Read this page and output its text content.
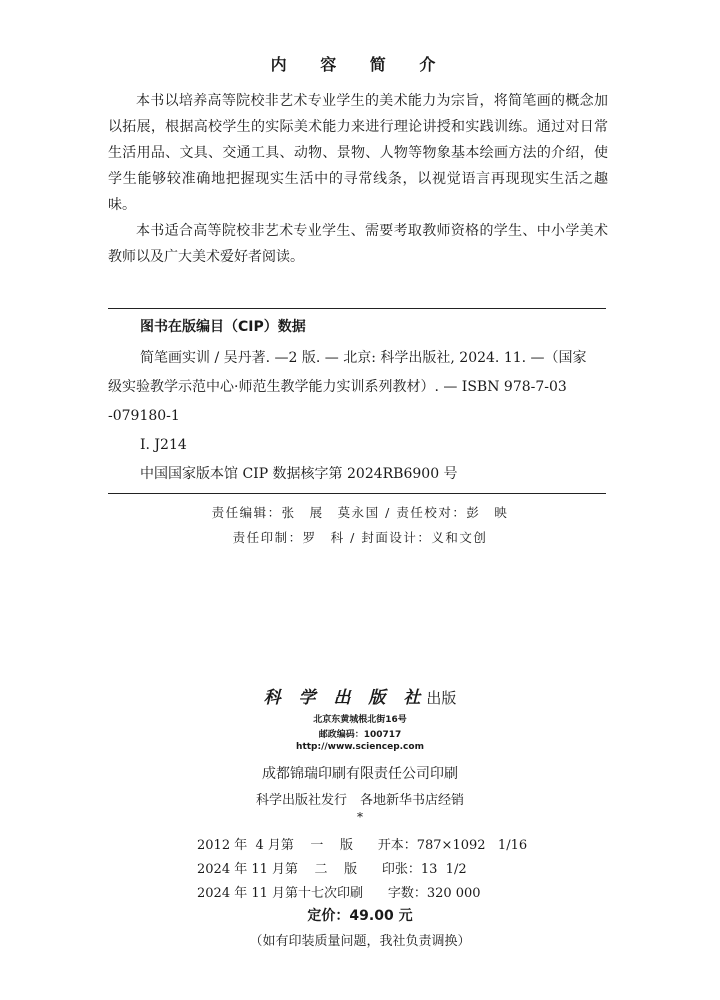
内 容 简 介

本书以培养高等院校非艺术专业学生的美术能力为宗旨，将简笔画的概念加以拓展，根据高校学生的实际美术能力来进行理论讲授和实践训练。通过对日常生活用品、文具、交通工具、动物、景物、人物等物象基本绘画方法的介绍，使学生能够较准确地把握现实生活中的寻常线条，以视觉语言再现现实生活之趣味。

本书适合高等院校非艺术专业学生、需要考取教师资格的学生、中小学美术教师以及广大美术爱好者阅读。

图书在版编目（CIP）数据
简笔画实训 / 吴丹著. —2 版. — 北京: 科学出版社, 2024. 11. —（国家
级实验教学示范中心·师范生教学能力实训系列教材）. — ISBN 978-7-03
-079180-1
Ⅰ. J214
中国国家版本馆 CIP 数据核字第 2024RB6900 号
责任编辑：张　展　莫永国 / 责任校对：彭　映
责任印制：罗　科 / 封面设计：义和文创
科 学 出 版 社出版
北京东黄城根北街16号
邮政编码：100717
http://www.sciencep.com
成都锦瑞印刷有限责任公司印刷
科学出版社发行　各地新华书店经销
*
2012 年  4 月第    一    版      开本：787×1092   1/16
2024 年 11 月第    二    版      印张：13  1/2
2024 年 11 月第十七次印刷      字数：320 000
定价：49.00 元
（如有印装质量问题，我社负责调换）
